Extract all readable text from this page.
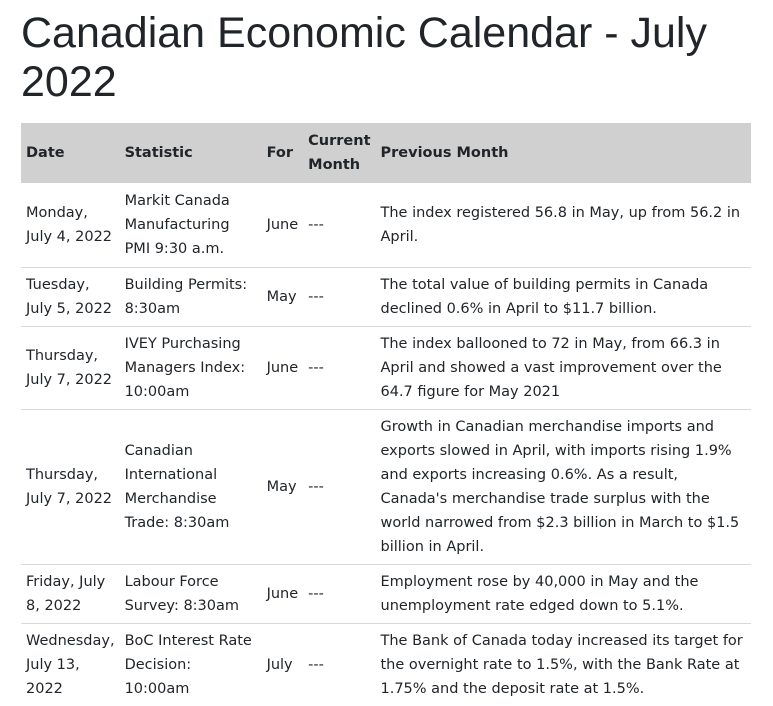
Canadian Economic Calendar - July 2022
Date	Statistic	For	Current Month	Previous Month
Monday, July 4, 2022	Markit Canada Manufacturing PMI 9:30 a.m.	June	---	The index registered 56.8 in May, up from 56.2 in April.
Tuesday, July 5, 2022	Building Permits: 8:30am	May	---	The total value of building permits in Canada declined 0.6% in April to $11.7 billion.
Thursday, July 7, 2022	IVEY Purchasing Managers Index: 10:00am	June	---	The index ballooned to 72 in May, from 66.3 in April and showed a vast improvement over the 64.7 figure for May 2021
Thursday, July 7, 2022	Canadian International Merchandise Trade: 8:30am	May	---	Growth in Canadian merchandise imports and exports slowed in April, with imports rising 1.9% and exports increasing 0.6%. As a result, Canada's merchandise trade surplus with the world narrowed from $2.3 billion in March to $1.5 billion in April.
Friday, July 8, 2022	Labour Force Survey: 8:30am	June	---	Employment rose by 40,000 in May and the unemployment rate edged down to 5.1%.
Wednesday, July 13, 2022	BoC Interest Rate Decision: 10:00am	July	---	The Bank of Canada today increased its target for the overnight rate to 1.5%, with the Bank Rate at 1.75% and the deposit rate at 1.5%.
